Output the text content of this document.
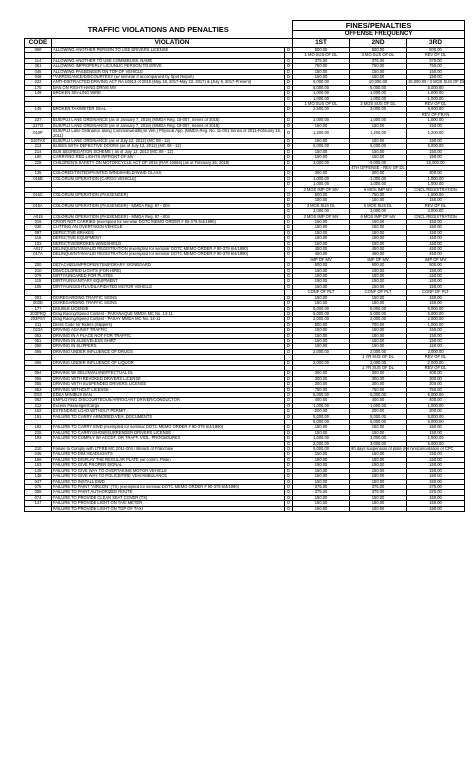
TRAFFIC VIOLATIONS AND PENALTIES			FINES/PENALTIES		
			OFFENSE FREQUENCY		
CODE	VIOLATION		1ST	2ND	3RD
060	ALLOWING ANOTHER PERSON TO USE DRIVERS LICENSE	D	500.00	500.00	500.00
			1 MO SUS OF DL	3 MO SUS OF DL	REV OF DL
114	ALLOWING ANOTHER TO USE COMM/BUSS. NAME	O	375.00	375.00	375.00
061	ALLOWING IMPROPERLY LIC/UNLIC PERSON TO DRIVE	O	750.00	750.00	750.00
046	ALLOWING PASSENGER ON TOP OF VEHICLE	D	150.00	150.00	150.00
048	**ARROGANCE/DISCOURTESY (w/ seminar if accompanied by Spot Report)	D	150.00	150.00	150.00
222	ANTI-DISTRACTED DRIVING ACT RA 10913 of 2015 (May 18, 2017-May 23, 2017) & (July 6, 2017-Present)	D	5,000.00	10,000.00	15,000.00 / 3 MOS SUS OF DL
170	BAN ON RIGHT-HAND DRIVE MV	O	5,000.00	5,000.00	5,000.00
149	BROKEN SEALING WIRE	D	1,000.00	1,000.00	1,000.00
		O	1,000.00	1,000.00	1,000.00
			1 MO SUS OF DL	3 MOS SUS OF DL	REV OF DL
145	BROKEN TAXIMETER SEAL	D	2,500.00	3,000.00	5,000.00
					REV OF FRAN
227	BUS/PUJ LANE ORDINANCE (as of January 7, 2019) (MMDA Reg. 18-007, Series of 2018)	D	1,000.00	1,000.00	1,000.00
227O	BUS/PUJ LANE ORDINANCE (as of January 7, 2019) (MMDA Reg. 18-007, Series of 2018)	O	150.00	150.00	150.00
010P	BUS/PUJ Lane Ordinance along Commonwealth(All Veh.) Physical App. (MMDA Reg. No. 11-001 Series of 2011-February 15, 2011)	D	1,200.00	1,200.00	1,200.00
010TAX	BUS/PUJ LANE ORDINANCE (as of July 12, 2012) (MC 08 - 12)	D	150.00	150.00	150.00
213	BUSES WITH DEFECTIVE DOORS (as of July 12, 2012) (MC 08 - 12)	O	5,000.00	5,000.00	5,000.00
214	BUS SEGREGATION SCHEME ( as of July 12, 2012 (MC 08 - 12)	D	150.00	150.00	150.00
100	CARRYING RED LIGHTS INFRONT OF MV	D	150.00	150.00	150.00
228	CHILDREN'S SAFETY ON MOTORCYCLE ACT OF 2015 (RA# 10666) (as of February 26, 2019)	D	3,000.00	5,000.00	10,000.00
				4TH OFFENSE - REV OF DL	
135	COLORED/TINTED/PAINTED WINDSHIELD/WIND GLASS	O	300.00	300.00	300.00
015B	COLORUM OPERATION (CARGO VEHICLE)	O	1,000.00	1,000.00	1,000.00
		D	1,000.00	1,000.00	1,000.00
			3 MOS IMP OF MV	6 MOS IMP MV	CNCL REGISTRATION
015C	COLORUM OPERATION (PASSENGER)	O	500.00	750.00	1,000.00
		D	150.00	150.00	150.00
015A	COLORUM OPERATION (PASSENGER) - MMDA Reg. 97 - 004	D	3 MOS SUS DL	6 MOS SUS DL	REV OF DL
		O	3,000.00	3,000.00	3,000.00
A015	COLORUM OPERATION (PASSENGER) - MMDA Reg. 97 - 004	O	3 MOS IMP OF MV	6 MOS IMP OF MV	CNCL REGISTRATION
016	CR/OR NOT CARRIED (exempted for seminar DOTC MEMO ORDER # 90-379 6/4/1990)	D	150.00	150.00	150.00
030	CUTTING AN OVERTAKEN VEHICLE	D	150.00	150.00	150.00
097	DEFECTIVE BRAKES	O	150.00	150.00	150.00
116	DEFECTIVE EQUIPMENT	O	150.00	150.00	150.00
103	DEFECTIVE/BROKEN WINDSHIELD	O	150.00	150.00	150.00
A017	DELINQUENT/INVALID REGISTRATION (exempted for seminar DOTC MEMO ORDER # 90-379 6/4/1990)	O	450.00	450.00	450.00
017A	DELINQUENT/INVALID REGISTRATION (exempted for seminar DOTC MEMO ORDER # 90-379 6/4/1990)	O	450.00	450.00	450.00
			IMP OF MV	IMP OF MV	IMP OF MV
200	DETACHED/IMPROPER/TEMPORARY SIGNBOARD	O	500.00	500.00	500.00
210	DIM/COLORED LIGHTS (FOR HIRE)	O	150.00	150.00	150.00
079	DIRTY/UNCARED FOR PLATES	O	150.00	150.00	150.00
115	DIRTY/UNSANITARY EQUIPMENT	O	150.00	150.00	150.00
106	DIRTY/UNSIGHTLY/DILAPIDATED MOTOR VEHICLE	O	150.00	150.00	150.00
			CONF OF PLT	CONF OF PLT	CONF OF PLT
003	DISREGARDING TRAFFIC SIGNS	D	150.00	150.00	150.00
003D	DISREGARDING TRAFFIC SIGNS	D	150.00	150.00	150.00
177	DOUBLE LICENSE	D	5,000.00	5,000.00	5,000.00
203PRQ	Drag Racing/Speed Contest - PARANAQUE MMDA MC No. 14-11	D	5,000.00	5,000.00	5,000.00
203PSY	Drag Racing/Speed Contest - PASAY MMDA MC No. 14-11	D	2,000.00	2,000.00	2,000.00
211	Dress Code for Riders (Slippers)	D	500.00	700.00	1,000.00
023A	DRIVING AGAINST TRAFFIC	D	150.00	150.00	150.00
052	DRIVING IN A PLACE NOT FOR TRAFFIC	D	150.00	150.00	150.00
051	DRIVING IN SLEEVELESS SHIRT	D	150.00	150.00	150.00
050	DRIVING IN SLIPPERS	D	150.00	150.00	150.00
065	DRIVING UNDER INFLUENCE OF DRUGS	O	2,000.00	2,000.00	2,000.00
				1 YR SUS OF DL	REV OF DL
066	DRIVING UNDER INFLUENCE OF LIQUOR	D	2,000.00	2,000.00	2,000.00
				1 YR SUS OF DL	REV OF DL
054	DRIVING W/ DEL/INVAL/INEFFECTUAL DL	D	300.00	300.00	300.00
056	DRIVING WITH REVOKED DRIVERS LICENSE	D	300.00	300.00	300.00
055	DRIVING WITH SUSPENDED DRIVERS LICENSE	D	300.00	300.00	300.00
053	DRIVING WITHOUT LICENSE	D	750.00	750.00	750.00
E03	EDSA MINIBUS BAN	O	5,000.00	5,000.00	5,000.00
062	EMPLOYING DISCOURTEOUS/ARROGANT DRIVER/CONDUCTOR	O	400.00	400.00	400.00
212	Excess Passenger/Cargo	O	1,000.00	1,000.00	1,000.00
162	EXTENDING LOAD WITHOUT PERMIT	D	200.00	200.00	200.00
191	FAILURE TO CARRY ARMORED VEH. DOCUMENTS	O	5,000.00	5,000.00	5,000.00
			5,000.00	5,000.00	5,000.00
192	FAILURE TO CARRY EWD (exempted for seminar DOTC MEMO ORDER # 90-379 6/4/1990)	D	150.00	150.00	150.00
215	FAILURE TO CARRY/SHOW/SURRENDER DRIVERS LICENSE	D	150.00	150.00	150.00
193	FAILURE TO COMPLY W/ ACCDT. OR TRAFF. VIOL. PROCEDURES	D	1,000.00	1,000.00	1,000.00
		O	2,000.00	3,000.00	5,000.00
210	Failure to Comply with LTFRB MC 2011-004 / Breach of Franchise	O	5,000.00	90 days suspension of plate (for hire)	cancellation of CPC
045	FAILURE TO DIM HEADLIGHTS	D	150.00	150.00	150.00
158	FAILURE TO DISPLAY THE REGULAR PLATE (w/ comm. Plate)	O	150.00	150.00	150.00
153	FAILURE TO GIVE PROPER SIGNAL	D	150.00	150.00	150.00
149	FAILURE TO GIVE WAY TO OVERTAKING MOTOR VEHICLE	D	150.00	150.00	150.00
148	FAILURE TO GIVE WAY TO POLICE/FIRE VEH/AMBULANCE	D	150.00	150.00	150.00
047	FAILURE TO INSTALL EWD	O	150.00	150.00	150.00
075	FAILURE TO PAINT "AIRCON" (TX) (exempted for seminar DOTC MEMO ORDER # 90-379 6/4/1990)	O	375.00	375.00	375.00
058	FAILURE TO PAINT AUTHORIZED ROUTE	O	375.00	375.00	375.00
074	FAILURE TO PROVIDE CLEAN SEAT COVER (TX)	O	150.00	150.00	150.00
147	FAILURE TO PROVIDE LIGHT ON TAXI METER	O	150.00	150.00	150.00
	FAILURE TO PROVIDE LIGHT ON TOP OF TAXI	O	150.00	150.00	150.00
